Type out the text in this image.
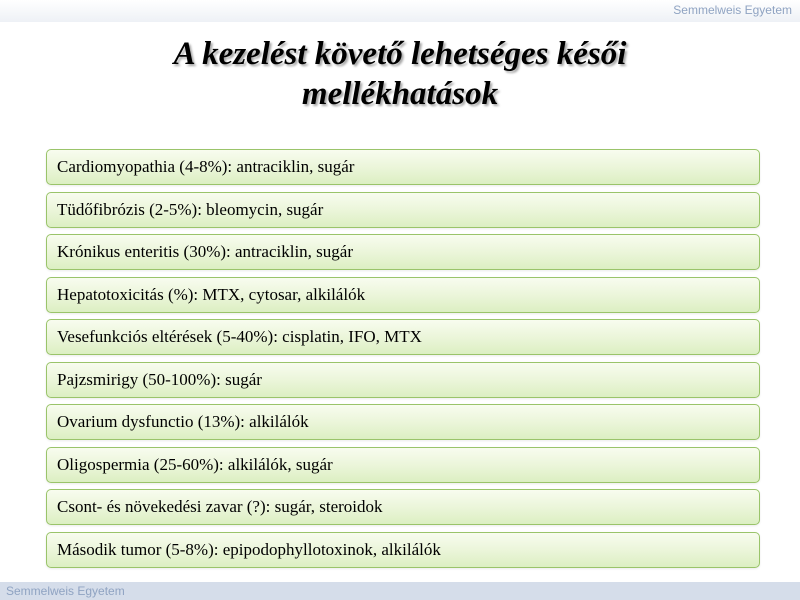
Semmelweis Egyetem
A kezelést követő lehetséges késői
mellékhatások
Cardiomyopathia (4-8%): antraciklin, sugár
Tüdőfibrózis (2-5%): bleomycin, sugár
Krónikus enteritis (30%): antraciklin, sugár
Hepatotoxicitás (%): MTX, cytosar, alkilálók
Vesefunkciós eltérések (5-40%): cisplatin, IFO, MTX
Pajzsmirigy (50-100%): sugár
Ovarium dysfunctio (13%): alkilálók
Oligospermia (25-60%): alkilálók, sugár
Csont- és növekedési zavar (?): sugár, steroidok
Második tumor (5-8%): epipodophyllotoxinok, alkilálók
Semmelweis Egyetem
